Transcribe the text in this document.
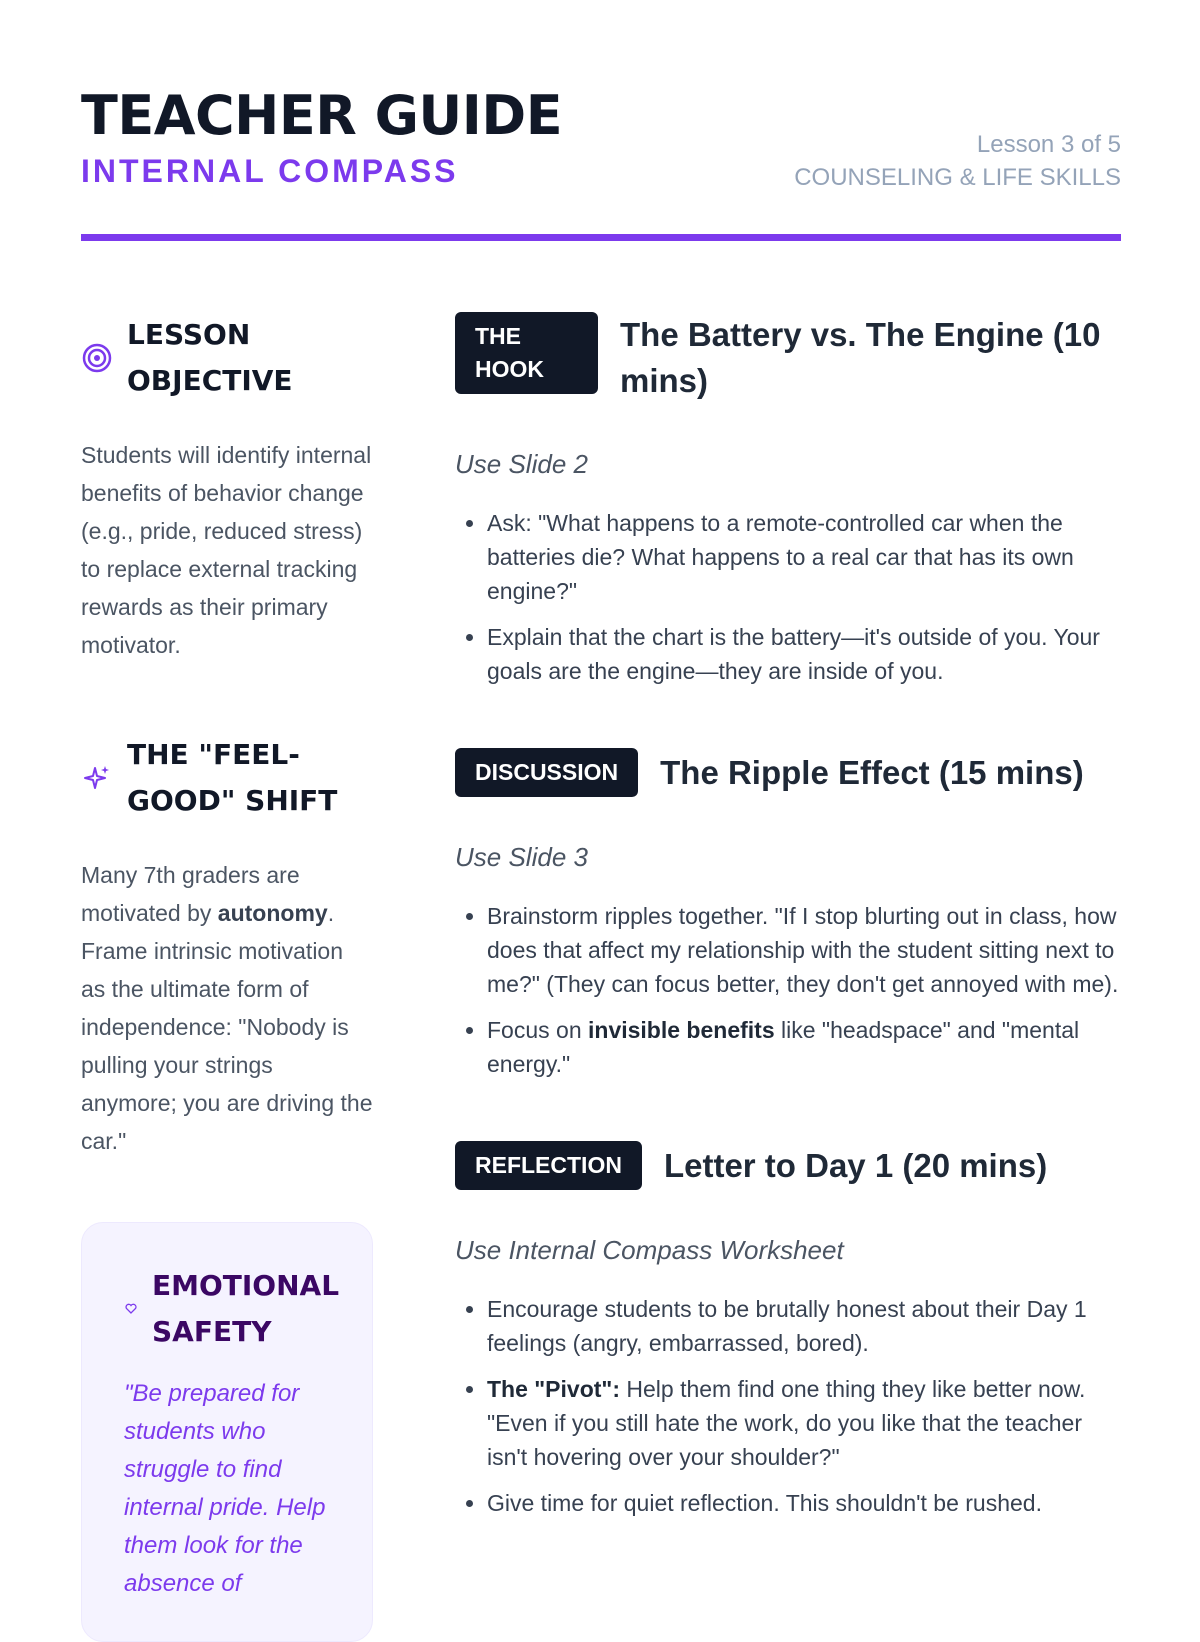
TEACHER GUIDE
INTERNAL COMPASS
Lesson 3 of 5
COUNSELING & LIFE SKILLS
LESSON OBJECTIVE

Students will identify internal benefits of behavior change (e.g., pride, reduced stress) to replace external tracking rewards as their primary motivator.

THE "FEEL-GOOD" SHIFT

Many 7th graders are motivated by autonomy. Frame intrinsic motivation as the ultimate form of independence: "Nobody is pulling your strings anymore; you are driving the car."

EMOTIONAL SAFETY

"Be prepared for students who struggle to find internal pride. Help them look for the absence of

THE HOOK
The Battery vs. The Engine (10 mins)
Use Slide 2
• Ask: "What happens to a remote-controlled car when the batteries die? What happens to a real car that has its own engine?"
• Explain that the chart is the battery—it's outside of you. Your goals are the engine—they are inside of you.
DISCUSSION	The Ripple Effect (15 mins)
Use Slide 3
• Brainstorm ripples together. "If I stop blurting out in class, how does that affect my relationship with the student sitting next to me?" (They can focus better, they don't get annoyed with me).
• Focus on invisible benefits like "headspace" and "mental energy."
REFLECTION	Letter to Day 1 (20 mins)
Use Internal Compass Worksheet
• Encourage students to be brutally honest about their Day 1 feelings (angry, embarrassed, bored).
• The "Pivot": Help them find one thing they like better now. "Even if you still hate the work, do you like that the teacher isn't hovering over your shoulder?"
• Give time for quiet reflection. This shouldn't be rushed.
